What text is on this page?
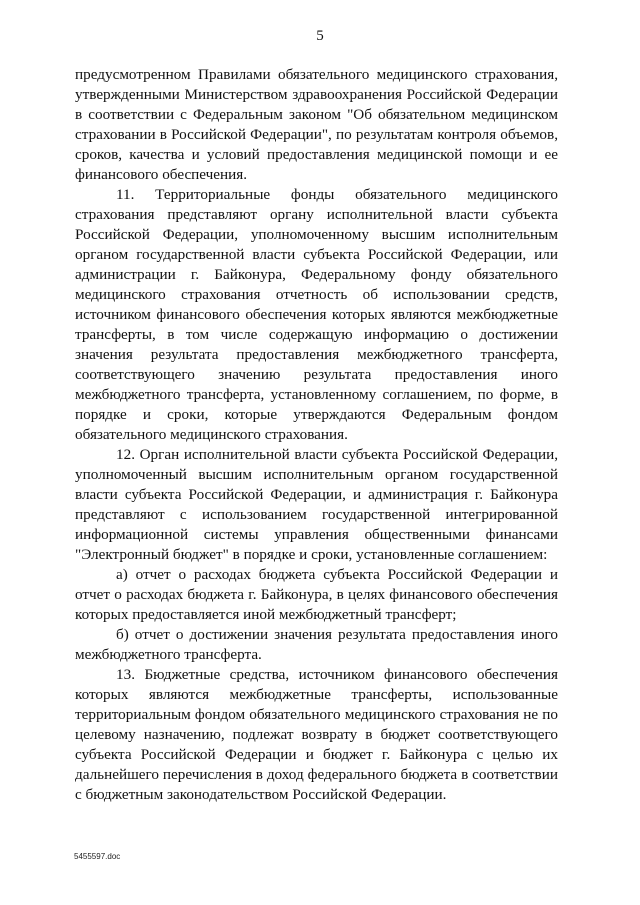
5

предусмотренном Правилами обязательного медицинского страхования, утвержденными Министерством здравоохранения Российской Федерации в соответствии с Федеральным законом "Об обязательном медицинском страховании в Российской Федерации", по результатам контроля объемов, сроков, качества и условий предоставления медицинской помощи и ее финансового обеспечения.

11. Территориальные фонды обязательного медицинского страхования представляют органу исполнительной власти субъекта Российской Федерации, уполномоченному высшим исполнительным органом государственной власти субъекта Российской Федерации, или администрации г. Байконура, Федеральному фонду обязательного медицинского страхования отчетность об использовании средств, источником финансового обеспечения которых являются межбюджетные трансферты, в том числе содержащую информацию о достижении значения результата предоставления межбюджетного трансферта, соответствующего значению результата предоставления иного межбюджетного трансферта, установленному соглашением, по форме, в порядке и сроки, которые утверждаются Федеральным фондом обязательного медицинского страхования.

12. Орган исполнительной власти субъекта Российской Федерации, уполномоченный высшим исполнительным органом государственной власти субъекта Российской Федерации, и администрация г. Байконура представляют с использованием государственной интегрированной информационной системы управления общественными финансами "Электронный бюджет" в порядке и сроки, установленные соглашением:

а) отчет о расходах бюджета субъекта Российской Федерации и отчет о расходах бюджета г. Байконура, в целях финансового обеспечения которых предоставляется иной межбюджетный трансферт;

б) отчет о достижении значения результата предоставления иного межбюджетного трансферта.

13. Бюджетные средства, источником финансового обеспечения которых являются межбюджетные трансферты, использованные территориальным фондом обязательного медицинского страхования не по целевому назначению, подлежат возврату в бюджет соответствующего субъекта Российской Федерации и бюджет г. Байконура с целью их дальнейшего перечисления в доход федерального бюджета в соответствии с бюджетным законодательством Российской Федерации.

5455597.doc
